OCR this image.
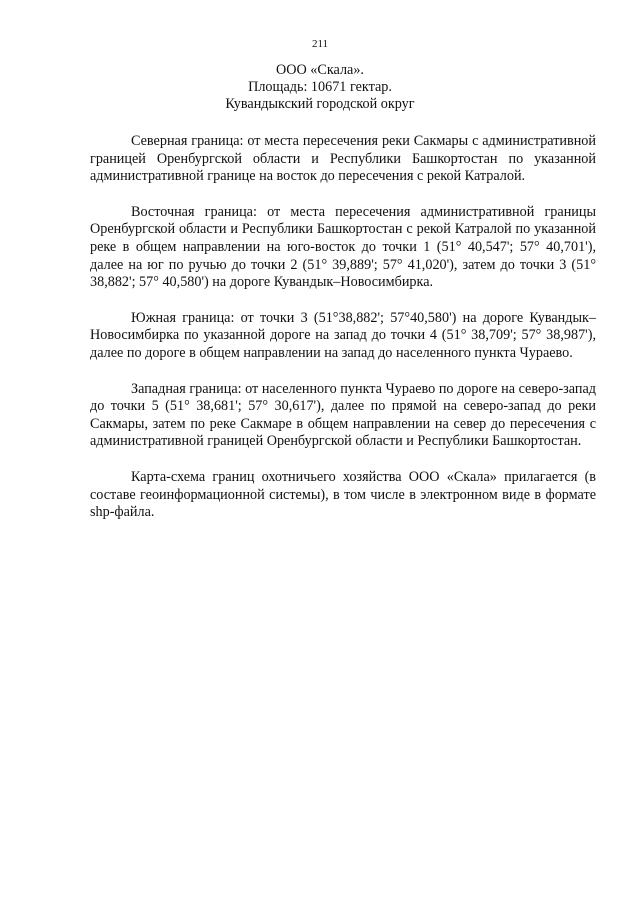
211
ООО «Скала».
Площадь: 10671 гектар.
Кувандыкский городской округ

Северная граница: от места пересечения реки Сакмары с административной границей Оренбургской области и Республики Башкортостан по указанной административной границе на восток до пересечения с рекой Катралой.

Восточная граница: от места пересечения административной границы Оренбургской области и Республики Башкортостан с рекой Катралой по указанной реке в общем направлении на юго-восток до точки 1 (51° 40,547'; 57° 40,701'), далее на юг по ручью до точки 2 (51° 39,889'; 57° 41,020'), затем до точки 3 (51° 38,882'; 57° 40,580') на дороге Кувандык–Новосимбирка.

Южная граница: от точки 3 (51°38,882'; 57°40,580') на дороге Кувандык–Новосимбирка по указанной дороге на запад до точки 4 (51° 38,709'; 57° 38,987'), далее по дороге в общем направлении на запад до населенного пункта Чураево.

Западная граница: от населенного пункта Чураево по дороге на северо-запад до точки 5 (51° 38,681'; 57° 30,617'), далее по прямой на северо-запад до реки Сакмары, затем по реке Сакмаре в общем направлении на север до пересечения с административной границей Оренбургской области и Республики Башкортостан.

Карта-схема границ охотничьего хозяйства ООО «Скала» прилагается (в составе геоинформационной системы), в том числе в электронном виде в формате shp-файла.
